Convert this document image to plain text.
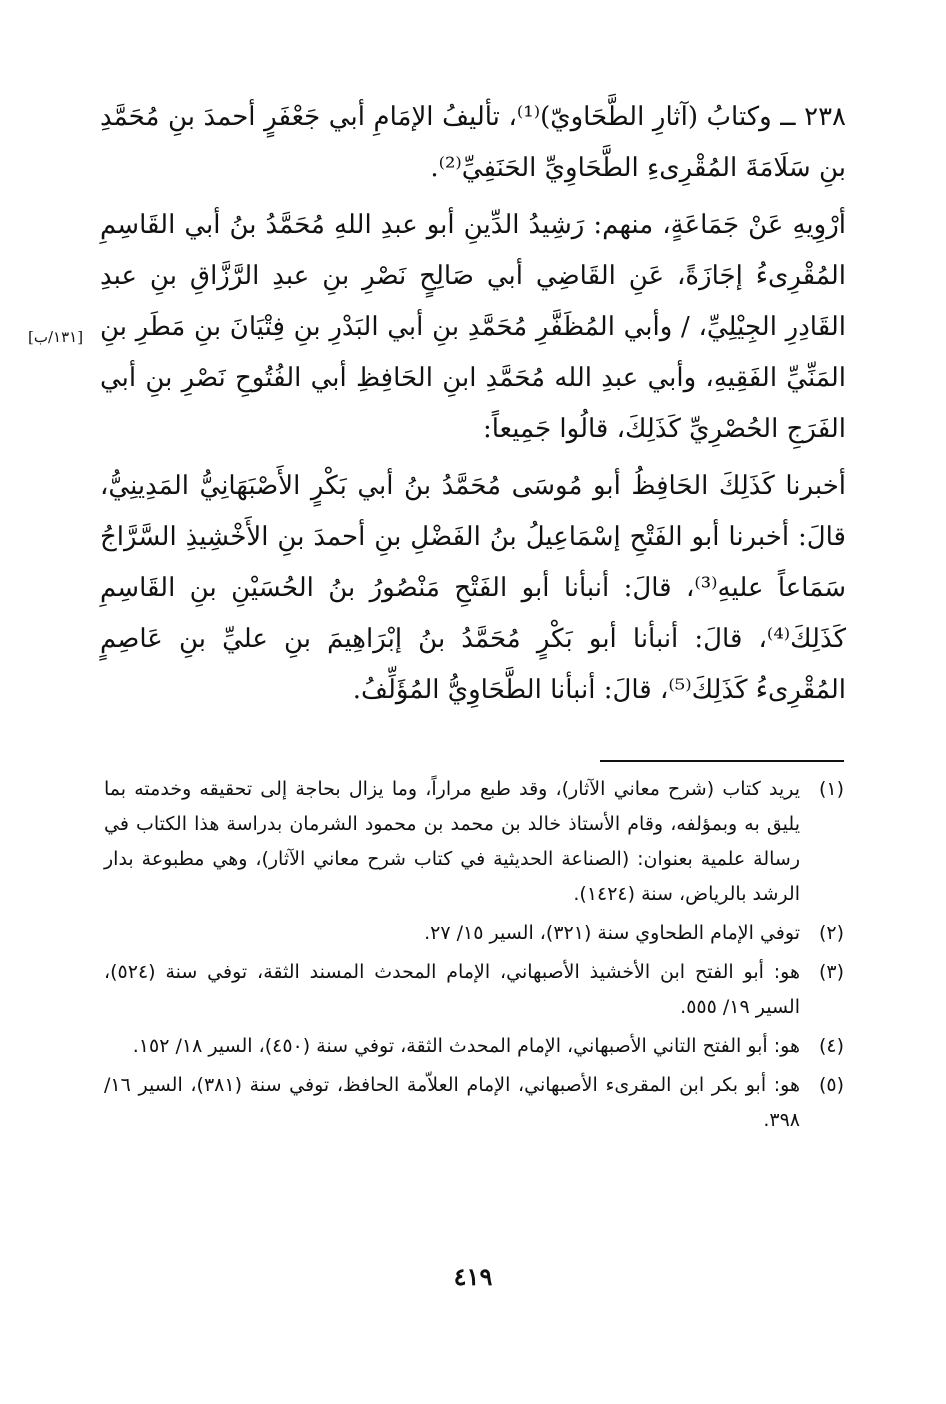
[١٣١/ب]

٢٣٨ ــ وكتابُ (آثارِ الطَّحَاويّ)⁽¹⁾، تأليفُ الإمَامِ أبي جَعْفَرٍ أحمدَ بنِ مُحَمَّدِ بنِ سَلَامَةَ المُقْرِىءِ الطَّحَاوِيِّ الحَنَفِيِّ⁽²⁾.

أرْوِيهِ عَنْ جَمَاعَةٍ، منهم: رَشِيدُ الدِّينِ أبو عبدِ اللهِ مُحَمَّدُ بنُ أبي القَاسِمِ المُقْرِىءُ إجَازَةً، عَنِ القَاضِي أبي صَالِحٍ نَصْرِ بنِ عبدِ الرَّزَّاقِ بنِ عبدِ القَادِرِ الجِيْلِيِّ، / وأبي المُظَفَّرِ مُحَمَّدِ بنِ أبي البَدْرِ بنِ فِتْيَانَ بنِ مَطَرِ بنِ المَنِّيِّ الفَقِيهِ، وأبي عبدِ الله مُحَمَّدِ ابنِ الحَافِظِ أبي الفُتُوحِ نَصْرِ بنِ أبي الفَرَجِ الحُصْرِيِّ كَذَلِكَ، قالُوا جَمِيعاً:

أخبرنا كَذَلِكَ الحَافِظُ أبو مُوسَى مُحَمَّدُ بنُ أبي بَكْرٍ الأَصْبَهَانِيُّ المَدِينِيُّ، قالَ: أخبرنا أبو الفَتْحِ إسْمَاعِيلُ بنُ الفَضْلِ بنِ أحمدَ بنِ الأَخْشِيذِ السَّرَّاجُ سَمَاعاً عليهِ⁽³⁾، قالَ: أنبأنا أبو الفَتْحِ مَنْصُورُ بنُ الحُسَيْنِ بنِ القَاسِمِ كَذَلِكَ⁽⁴⁾، قالَ: أنبأنا أبو بَكْرٍ مُحَمَّدُ بنُ إبْرَاهِيمَ بنِ عليِّ بنِ عَاصِمٍ المُقْرِىءُ كَذَلِكَ⁽⁵⁾، قالَ: أنبأنا الطَّحَاوِيُّ المُؤَلِّفُ.

(١)
يريد كتاب (شرح معاني الآثار)، وقد طبع مراراً، وما يزال بحاجة إلى تحقيقه وخدمته بما يليق به وبمؤلفه، وقام الأستاذ خالد بن محمد بن محمود الشرمان بدراسة هذا الكتاب في رسالة علمية بعنوان: (الصناعة الحديثية في كتاب شرح معاني الآثار)، وهي مطبوعة بدار الرشد بالرياض، سنة (١٤٢٤).
(٢)
توفي الإمام الطحاوي سنة (٣٢١)، السير ١٥/ ٢٧.
(٣)
هو: أبو الفتح ابن الأخشيذ الأصبهاني، الإمام المحدث المسند الثقة، توفي سنة (٥٢٤)، السير ١٩/ ٥٥٥.
(٤)
هو: أبو الفتح التاني الأصبهاني، الإمام المحدث الثقة، توفي سنة (٤٥٠)، السير ١٨/ ١٥٢.
(٥)
هو: أبو بكر ابن المقرىء الأصبهاني، الإمام العلاّمة الحافظ، توفي سنة (٣٨١)، السير ١٦/ ٣٩٨.
٤١٩
